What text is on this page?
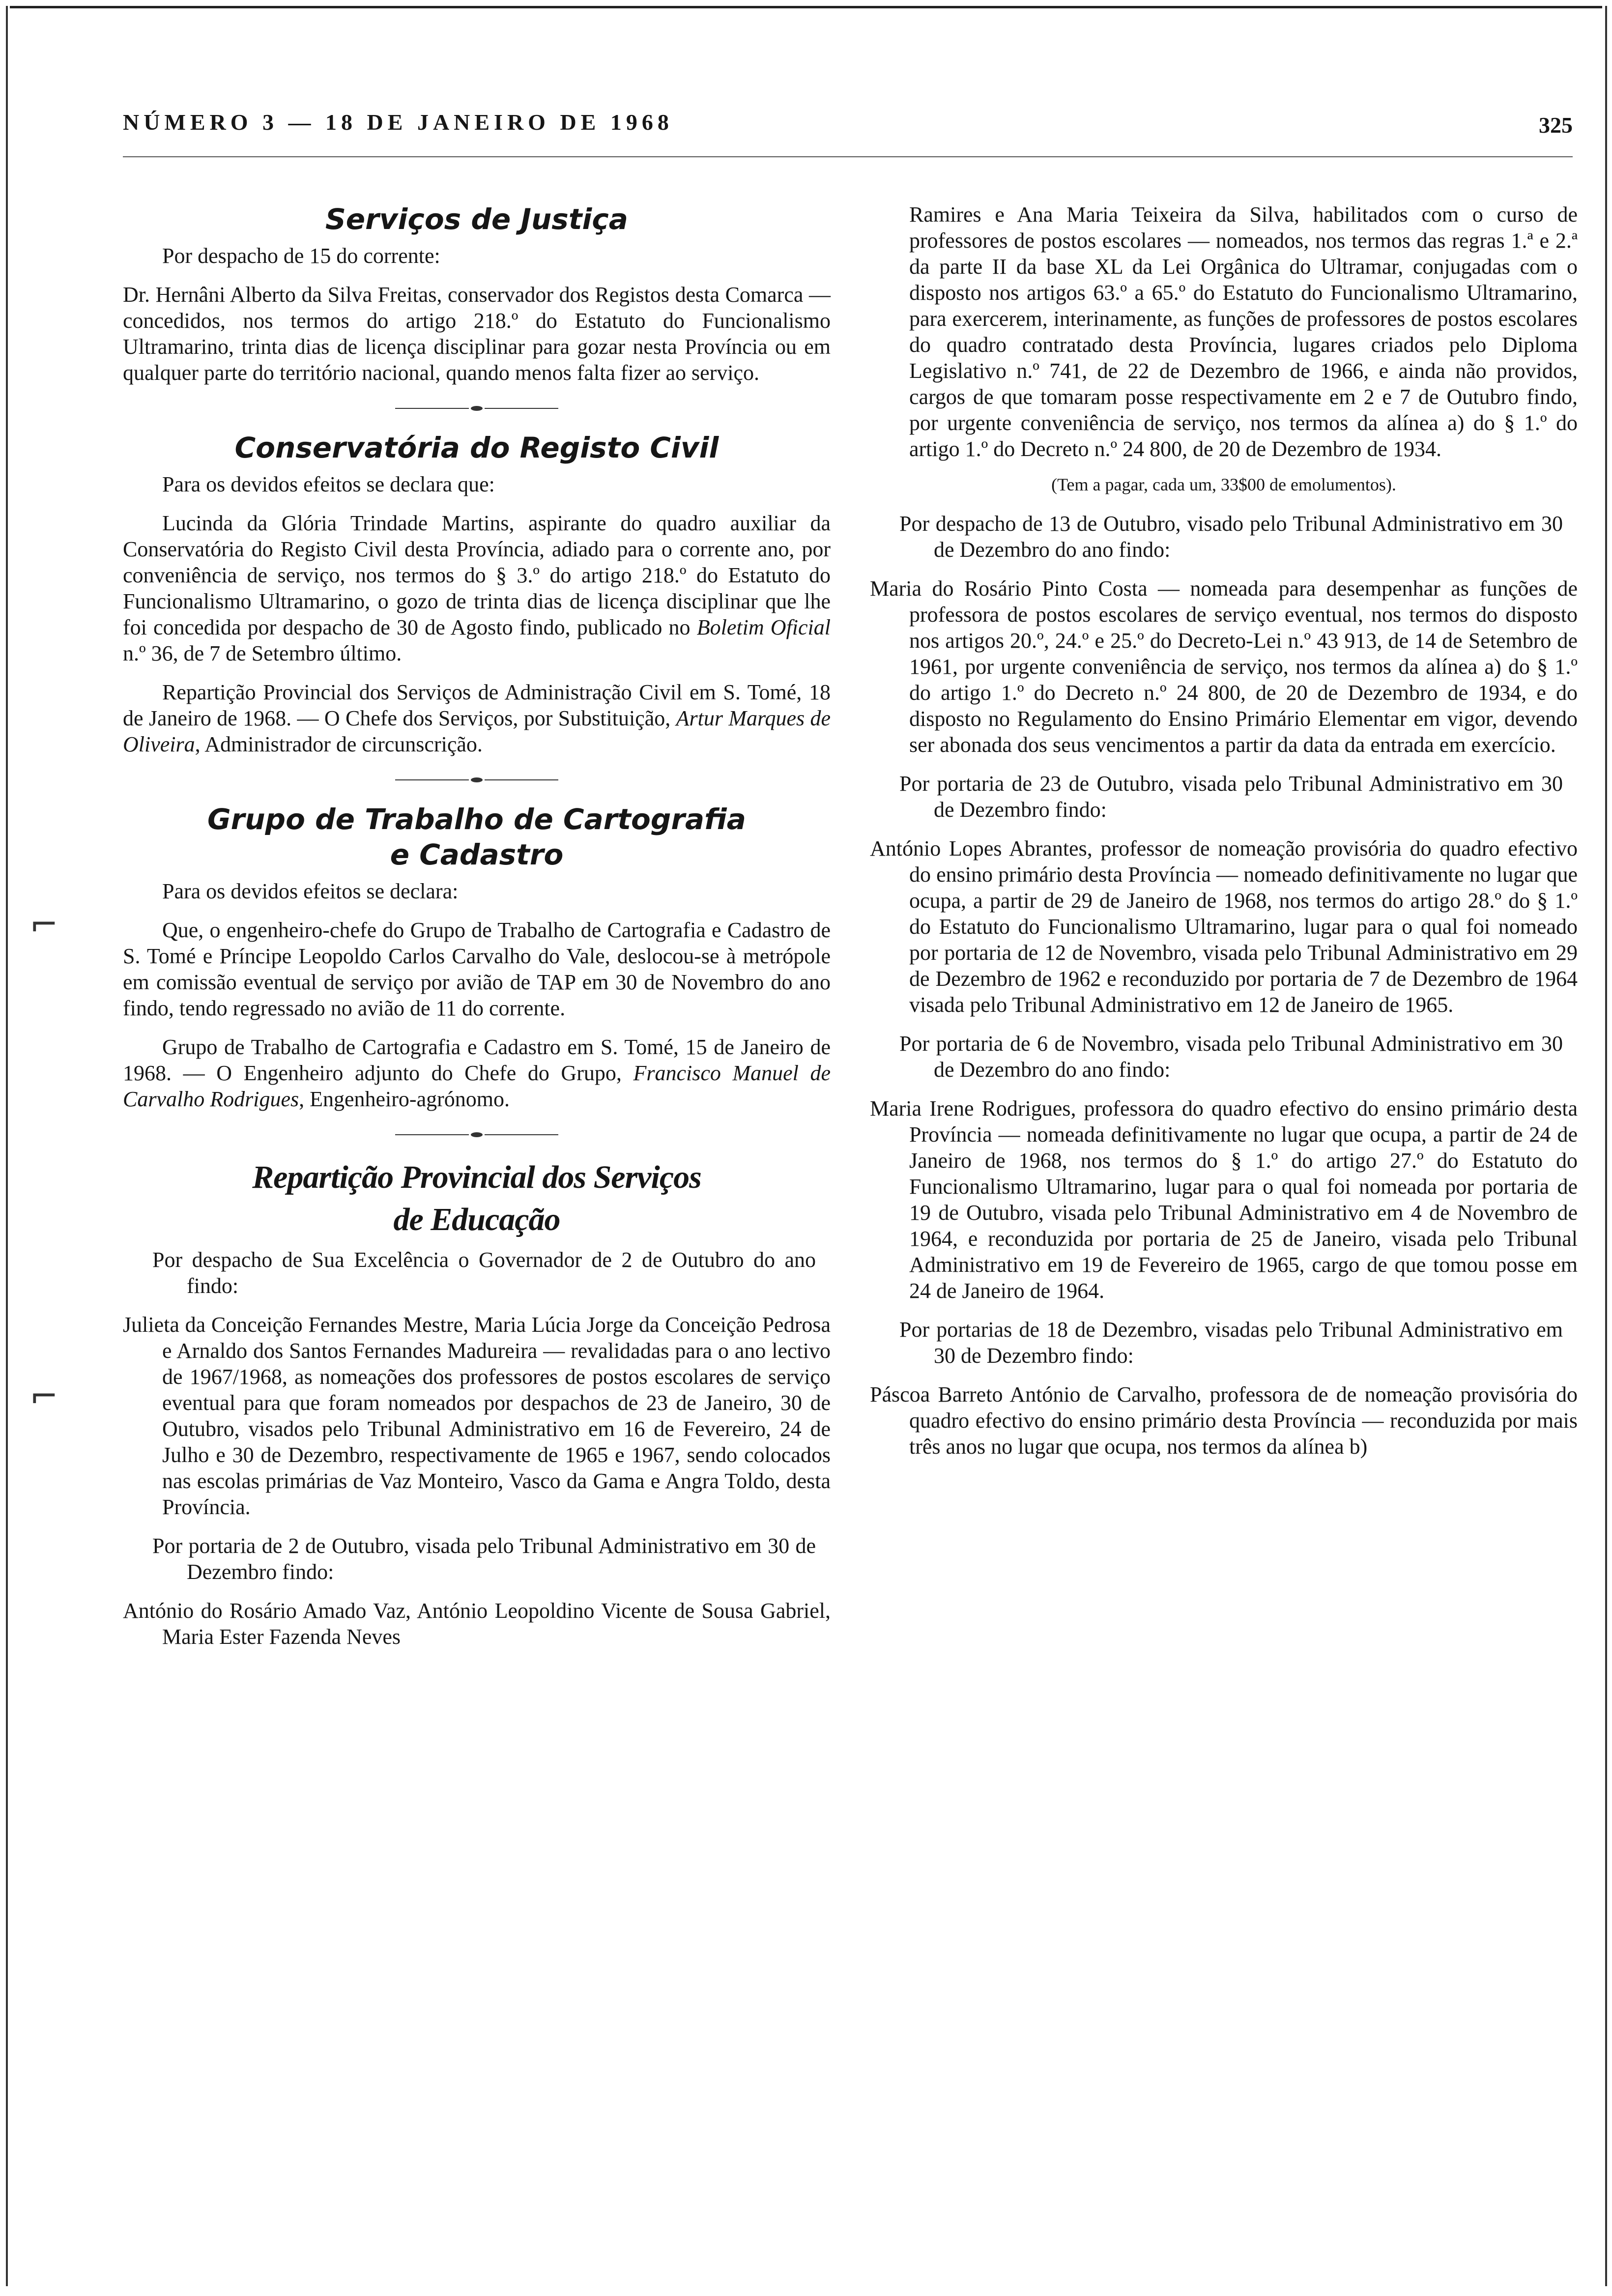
NÚMERO 3 — 18 DE JANEIRO DE 1968	325
⌐
⌐
Serviços de Justiça

Por despacho de 15 do corrente:

Dr. Hernâni Alberto da Silva Freitas, conservador dos Registos desta Comarca — concedidos, nos termos do artigo 218.º do Estatuto do Funcionalismo Ultramarino, trinta dias de licença disciplinar para gozar nesta Província ou em qualquer parte do território nacional, quando menos falta fizer ao serviço.

Conservatória do Registo Civil

Para os devidos efeitos se declara que:

Lucinda da Glória Trindade Martins, aspirante do quadro auxiliar da Conservatória do Registo Civil desta Província, adiado para o corrente ano, por conveniência de serviço, nos termos do § 3.º do artigo 218.º do Estatuto do Funcionalismo Ultramarino, o gozo de trinta dias de licença disciplinar que lhe foi concedida por despacho de 30 de Agosto findo, publicado no Boletim Oficial n.º 36, de 7 de Setembro último.

Repartição Provincial dos Serviços de Administração Civil em S. Tomé, 18 de Janeiro de 1968. — O Chefe dos Serviços, por Substituição, Artur Marques de Oliveira, Administrador de circunscrição.

Grupo de Trabalho de Cartografia
e Cadastro

Para os devidos efeitos se declara:

Que, o engenheiro-chefe do Grupo de Trabalho de Cartografia e Cadastro de S. Tomé e Príncipe Leopoldo Carlos Carvalho do Vale, deslocou-se à metrópole em comissão eventual de serviço por avião de TAP em 30 de Novembro do ano findo, tendo regressado no avião de 11 do corrente.

Grupo de Trabalho de Cartografia e Cadastro em S. Tomé, 15 de Janeiro de 1968. — O Engenheiro adjunto do Chefe do Grupo, Francisco Manuel de Carvalho Rodrigues, Engenheiro-agrónomo.

Repartição Provincial dos Serviços
de Educação

Por despacho de Sua Excelência o Governador de 2 de Outubro do ano findo:

Julieta da Conceição Fernandes Mestre, Maria Lúcia Jorge da Conceição Pedrosa e Arnaldo dos Santos Fernandes Madureira — revalidadas para o ano lectivo de 1967/1968, as nomeações dos professores de postos escolares de serviço eventual para que foram nomeados por despachos de 23 de Janeiro, 30 de Outubro, visados pelo Tribunal Administrativo em 16 de Fevereiro, 24 de Julho e 30 de Dezembro, respectivamente de 1965 e 1967, sendo colocados nas escolas primárias de Vaz Monteiro, Vasco da Gama e Angra Toldo, desta Província.

Por portaria de 2 de Outubro, visada pelo Tribunal Administrativo em 30 de Dezembro findo:

António do Rosário Amado Vaz, António Leopoldino Vicente de Sousa Gabriel, Maria Ester Fazenda Neves

Ramires e Ana Maria Teixeira da Silva, habilitados com o curso de professores de postos escolares — nomeados, nos termos das regras 1.ª e 2.ª da parte II da base XL da Lei Orgânica do Ultramar, conjugadas com o disposto nos artigos 63.º a 65.º do Estatuto do Funcionalismo Ultramarino, para exercerem, interinamente, as funções de professores de postos escolares do quadro contratado desta Província, lugares criados pelo Diploma Legislativo n.º 741, de 22 de Dezembro de 1966, e ainda não providos, cargos de que tomaram posse respectivamente em 2 e 7 de Outubro findo, por urgente conveniência de serviço, nos termos da alínea a) do § 1.º do artigo 1.º do Decreto n.º 24 800, de 20 de Dezembro de 1934.

(Tem a pagar, cada um, 33$00 de emolumentos).

Por despacho de 13 de Outubro, visado pelo Tribunal Administrativo em 30 de Dezembro do ano findo:

Maria do Rosário Pinto Costa — nomeada para desempenhar as funções de professora de postos escolares de serviço eventual, nos termos do disposto nos artigos 20.º, 24.º e 25.º do Decreto-Lei n.º 43 913, de 14 de Setembro de 1961, por urgente conveniência de serviço, nos termos da alínea a) do § 1.º do artigo 1.º do Decreto n.º 24 800, de 20 de Dezembro de 1934, e do disposto no Regulamento do Ensino Primário Elementar em vigor, devendo ser abonada dos seus vencimentos a partir da data da entrada em exercício.

Por portaria de 23 de Outubro, visada pelo Tribunal Administrativo em 30 de Dezembro findo:

António Lopes Abrantes, professor de nomeação provisória do quadro efectivo do ensino primário desta Província — nomeado definitivamente no lugar que ocupa, a partir de 29 de Janeiro de 1968, nos termos do artigo 28.º do § 1.º do Estatuto do Funcionalismo Ultramarino, lugar para o qual foi nomeado por portaria de 12 de Novembro, visada pelo Tribunal Administrativo em 29 de Dezembro de 1962 e reconduzido por portaria de 7 de Dezembro de 1964 visada pelo Tribunal Administrativo em 12 de Janeiro de 1965.

Por portaria de 6 de Novembro, visada pelo Tribunal Administrativo em 30 de Dezembro do ano findo:

Maria Irene Rodrigues, professora do quadro efectivo do ensino primário desta Província — nomeada definitivamente no lugar que ocupa, a partir de 24 de Janeiro de 1968, nos termos do § 1.º do artigo 27.º do Estatuto do Funcionalismo Ultramarino, lugar para o qual foi nomeada por portaria de 19 de Outubro, visada pelo Tribunal Administrativo em 4 de Novembro de 1964, e reconduzida por portaria de 25 de Janeiro, visada pelo Tribunal Administrativo em 19 de Fevereiro de 1965, cargo de que tomou posse em 24 de Janeiro de 1964.

Por portarias de 18 de Dezembro, visadas pelo Tribunal Administrativo em 30 de Dezembro findo:

Páscoa Barreto António de Carvalho, professora de de nomeação provisória do quadro efectivo do ensino primário desta Província — reconduzida por mais três anos no lugar que ocupa, nos termos da alínea b)
